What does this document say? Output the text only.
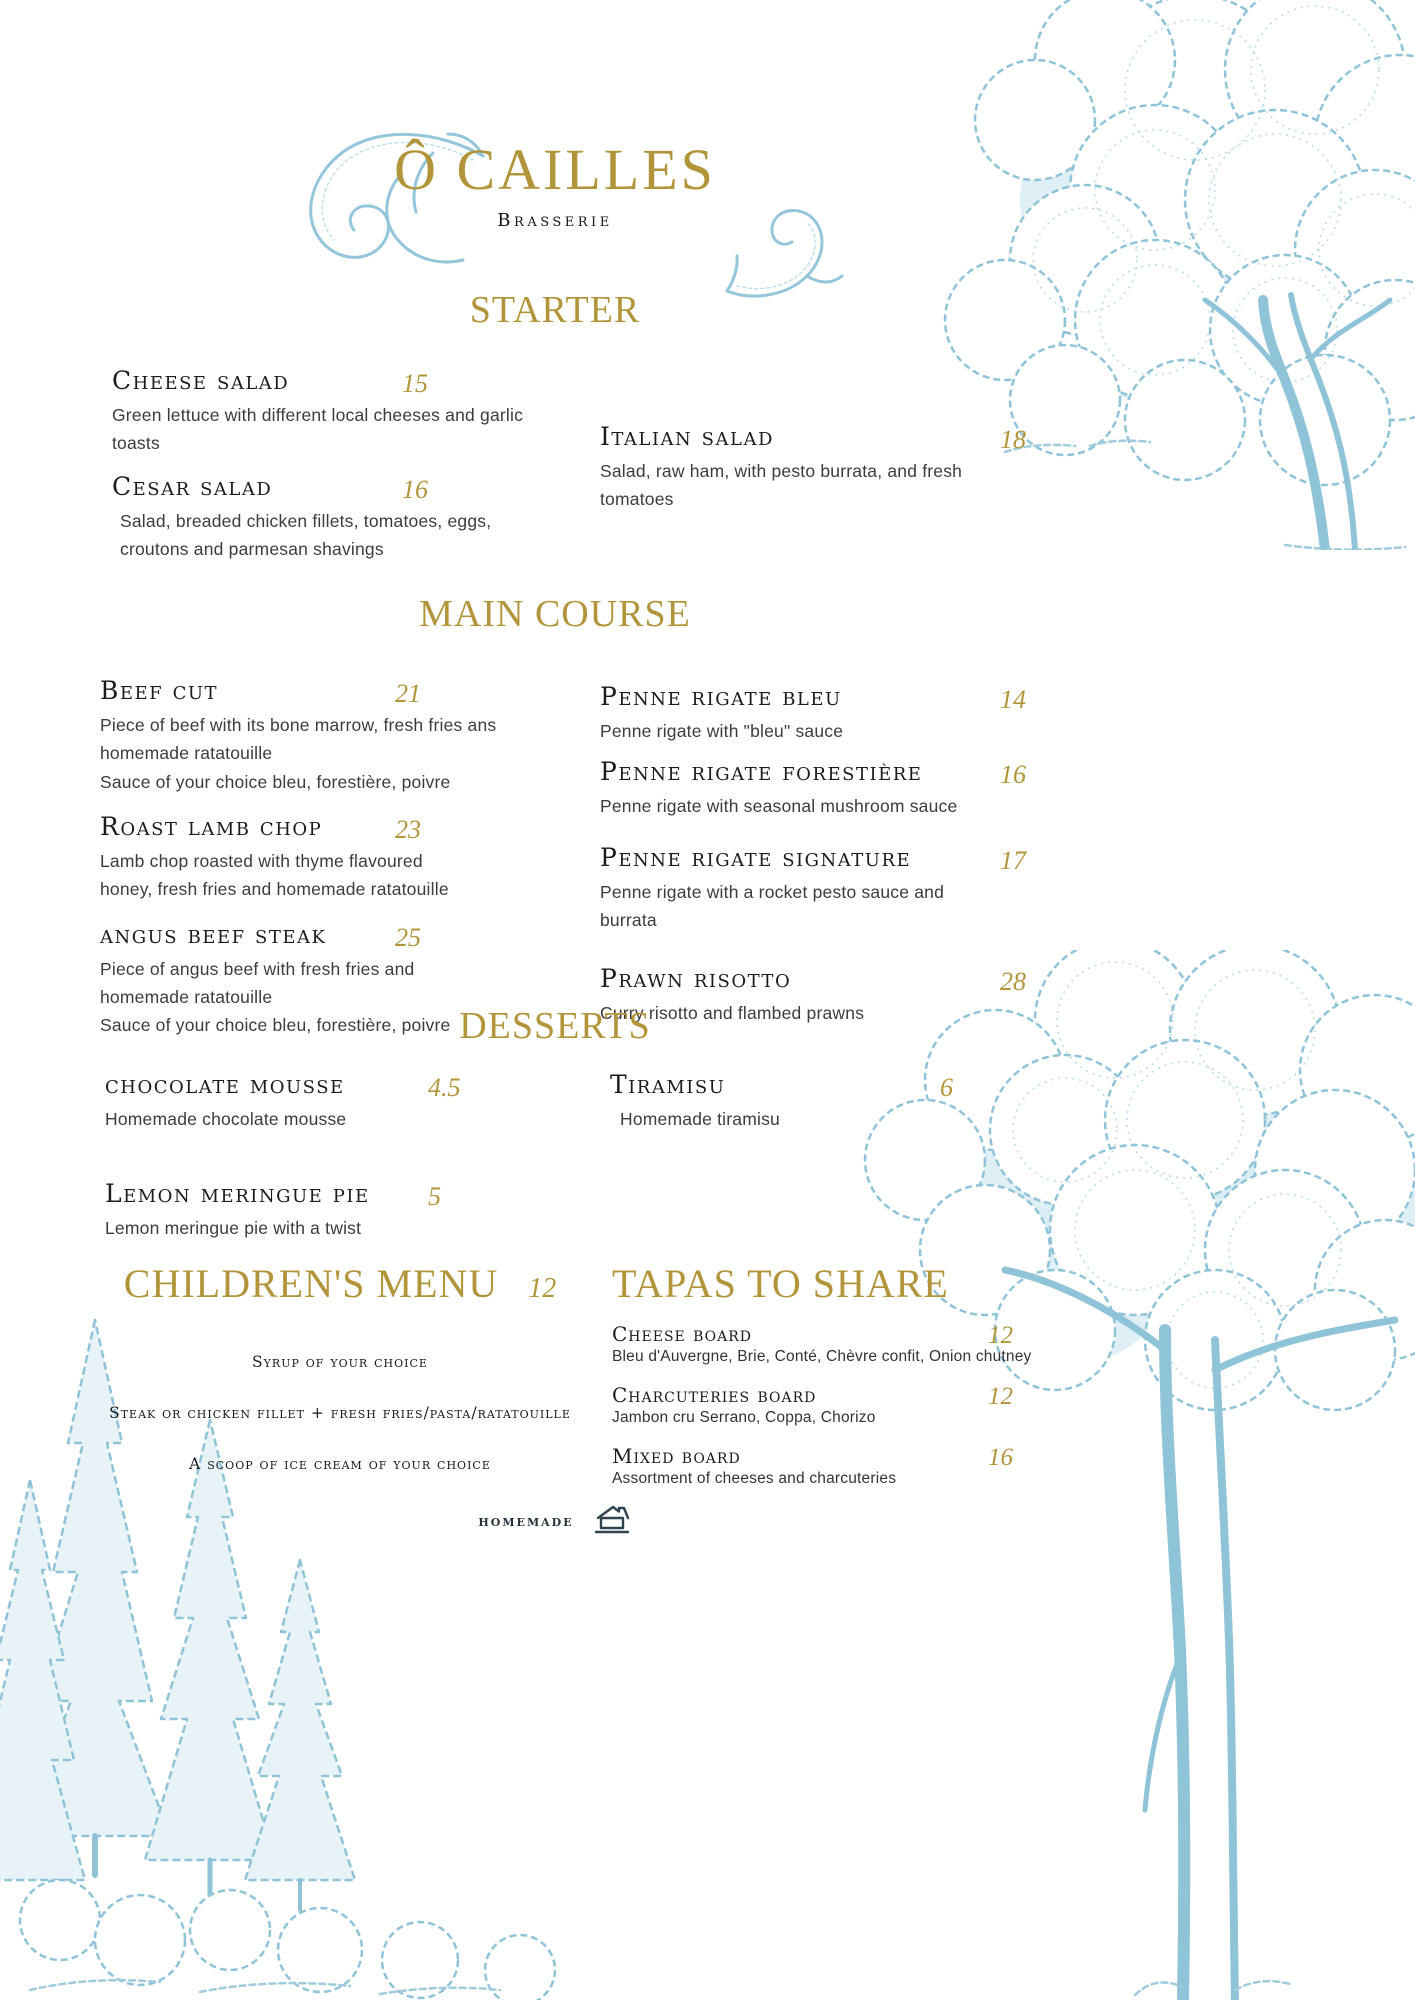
Ô CAILLES
Brasserie
STARTER
Cheese salad	15
Green lettuce with different local cheeses and garlic toasts
Cesar salad	16
Salad, breaded chicken fillets, tomatoes, eggs, croutons and parmesan shavings
Italian salad	18
Salad, raw ham, with pesto burrata, and fresh tomatoes
MAIN COURSE
Beef cut	21
Piece of beef with its bone marrow, fresh fries ans homemade ratatouille
Sauce of your choice bleu, forestière, poivre
Roast lamb chop	23
Lamb chop roasted with thyme flavoured honey, fresh fries and homemade ratatouille
angus beef steak	25
Piece of angus beef with fresh fries and homemade ratatouille
Sauce of your choice bleu, forestière, poivre
Penne rigate bleu	14
Penne rigate with "bleu" sauce
Penne rigate forestière	16
Penne rigate with seasonal mushroom sauce
Penne rigate signature	17
Penne rigate with a rocket pesto sauce and burrata
Prawn risotto	28
Curry risotto and flambed prawns
DESSERTS
chocolate mousse	4.5
Homemade chocolate mousse
Lemon meringue pie 5
Lemon meringue pie with a twist
Tiramisu	6
Homemade tiramisu
CHILDREN'S MENU 12
Syrup of your choice
Steak or chicken fillet + fresh fries/pasta/ratatouille
A scoop of ice cream of your choice
TAPAS TO SHARE
Cheese board	12
Bleu d'Auvergne, Brie, Conté, Chèvre confit, Onion chutney
Charcuteries board	12
Jambon cru Serrano, Coppa, Chorizo
Mixed board	16
Assortment of cheeses and charcuteries
homemade
